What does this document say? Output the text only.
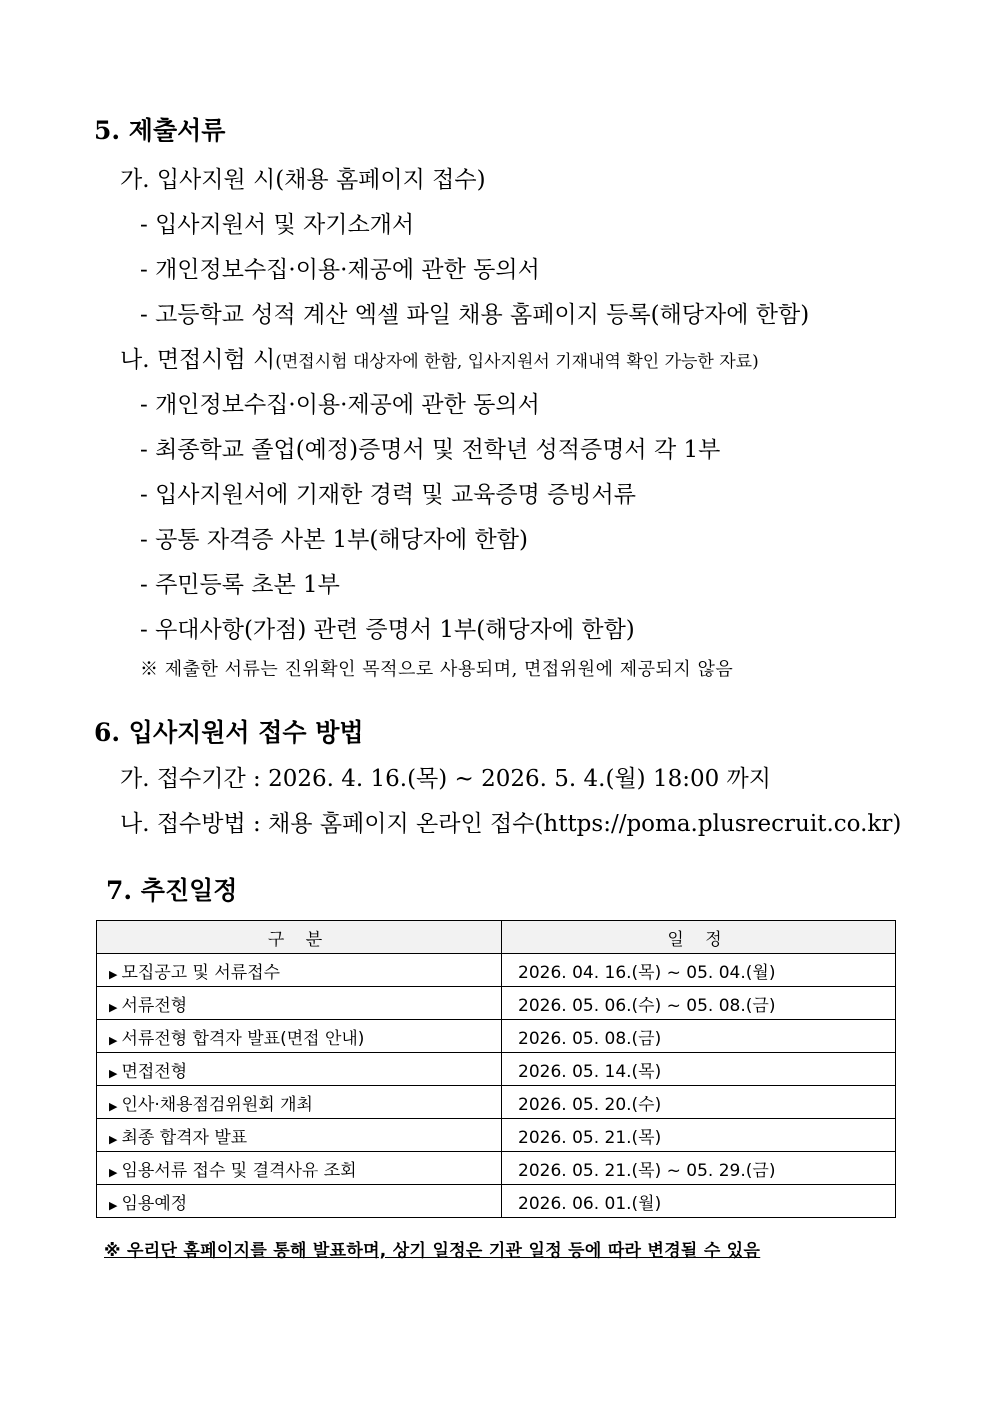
5. 제출서류
가. 입사지원 시(채용 홈페이지 접수)
- 입사지원서 및 자기소개서
- 개인정보수집·이용·제공에 관한 동의서
- 고등학교 성적 계산 엑셀 파일 채용 홈페이지 등록(해당자에 한함)
나. 면접시험 시(면접시험 대상자에 한함, 입사지원서 기재내역 확인 가능한 자료)
- 개인정보수집·이용·제공에 관한 동의서
- 최종학교 졸업(예정)증명서 및 전학년 성적증명서 각 1부
- 입사지원서에 기재한 경력 및 교육증명 증빙서류
- 공통 자격증 사본 1부(해당자에 한함)
- 주민등록 초본 1부
- 우대사항(가점) 관련 증명서 1부(해당자에 한함)
※ 제출한 서류는 진위확인 목적으로 사용되며, 면접위원에 제공되지 않음
6. 입사지원서 접수 방법
가. 접수기간 : 2026. 4. 16.(목) ~ 2026. 5. 4.(월) 18:00 까지
나. 접수방법 : 채용 홈페이지 온라인 접수(https://poma.plusrecruit.co.kr)
7. 추진일정
구 분	일 정
▶ 모집공고 및 서류접수	2026. 04. 16.(목) ~ 05. 04.(월)
▶ 서류전형	2026. 05. 06.(수) ~ 05. 08.(금)
▶ 서류전형 합격자 발표(면접 안내)	2026. 05. 08.(금)
▶ 면접전형	2026. 05. 14.(목)
▶ 인사·채용점검위원회 개최	2026. 05. 20.(수)
▶ 최종 합격자 발표	2026. 05. 21.(목)
▶ 임용서류 접수 및 결격사유 조회	2026. 05. 21.(목) ~ 05. 29.(금)
▶ 임용예정	2026. 06. 01.(월)
※ 우리단 홈페이지를 통해 발표하며, 상기 일정은 기관 일정 등에 따라 변경될 수 있음
